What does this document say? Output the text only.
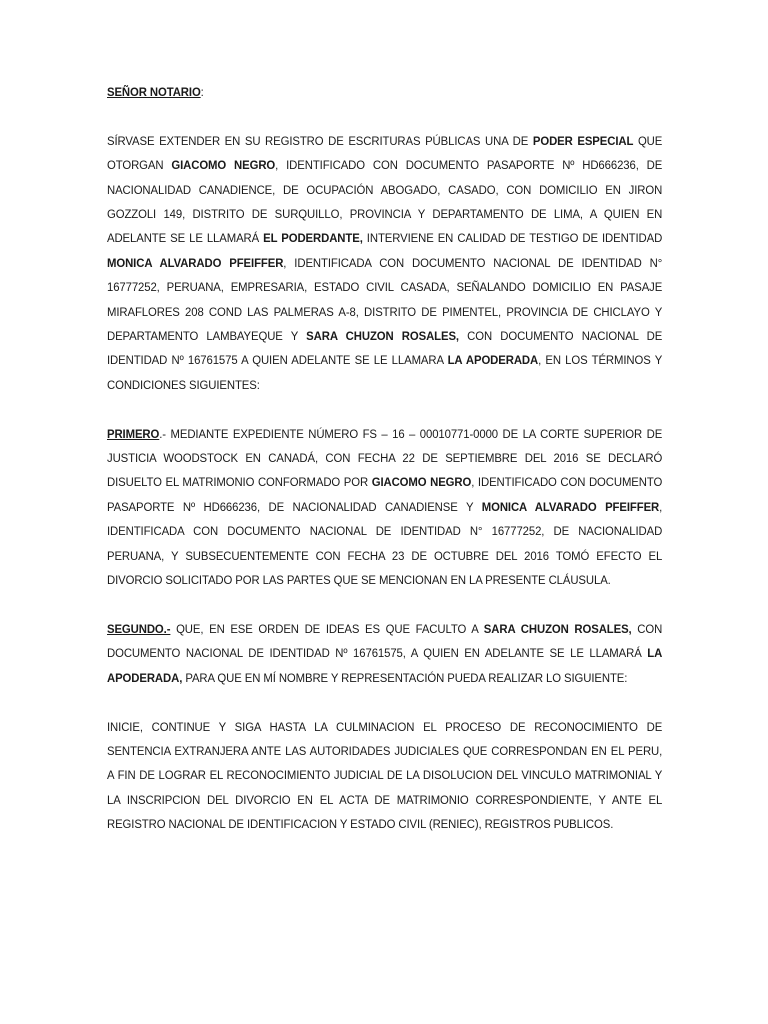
SEÑOR NOTARIO:

SÍRVASE EXTENDER EN SU REGISTRO DE ESCRITURAS PÚBLICAS UNA DE PODER ESPECIAL QUE OTORGAN GIACOMO NEGRO, IDENTIFICADO CON DOCUMENTO PASAPORTE Nº HD666236, DE NACIONALIDAD CANADIENCE, DE OCUPACIÓN ABOGADO, CASADO, CON DOMICILIO EN JIRON GOZZOLI 149, DISTRITO DE SURQUILLO, PROVINCIA Y DEPARTAMENTO DE LIMA, A QUIEN EN ADELANTE SE LE LLAMARÁ EL PODERDANTE, INTERVIENE EN CALIDAD DE TESTIGO DE IDENTIDAD MONICA ALVARADO PFEIFFER, IDENTIFICADA CON DOCUMENTO NACIONAL DE IDENTIDAD N° 16777252, PERUANA, EMPRESARIA, ESTADO CIVIL CASADA, SEÑALANDO DOMICILIO EN PASAJE MIRAFLORES 208 COND LAS PALMERAS A-8, DISTRITO DE PIMENTEL, PROVINCIA DE CHICLAYO Y DEPARTAMENTO LAMBAYEQUE Y SARA CHUZON ROSALES, CON DOCUMENTO NACIONAL DE IDENTIDAD Nº 16761575 A QUIEN ADELANTE SE LE LLAMARA LA APODERADA, EN LOS TÉRMINOS Y CONDICIONES SIGUIENTES:

PRIMERO.- MEDIANTE EXPEDIENTE NÚMERO FS – 16 – 00010771-0000 DE LA CORTE SUPERIOR DE JUSTICIA WOODSTOCK EN CANADÁ, CON FECHA 22 DE SEPTIEMBRE DEL 2016 SE DECLARÓ DISUELTO EL MATRIMONIO CONFORMADO POR GIACOMO NEGRO, IDENTIFICADO CON DOCUMENTO PASAPORTE Nº HD666236, DE NACIONALIDAD CANADIENSE Y MONICA ALVARADO PFEIFFER, IDENTIFICADA CON DOCUMENTO NACIONAL DE IDENTIDAD N° 16777252, DE NACIONALIDAD PERUANA, Y SUBSECUENTEMENTE CON FECHA 23 DE OCTUBRE DEL 2016 TOMÓ EFECTO EL DIVORCIO SOLICITADO POR LAS PARTES QUE SE MENCIONAN EN LA PRESENTE CLÁUSULA.

SEGUNDO.- QUE, EN ESE ORDEN DE IDEAS ES QUE FACULTO A SARA CHUZON ROSALES, CON DOCUMENTO NACIONAL DE IDENTIDAD Nº 16761575, A QUIEN EN ADELANTE SE LE LLAMARÁ LA APODERADA, PARA QUE EN MÍ NOMBRE Y REPRESENTACIÓN PUEDA REALIZAR LO SIGUIENTE:

INICIE, CONTINUE Y SIGA HASTA LA CULMINACION EL PROCESO DE RECONOCIMIENTO DE SENTENCIA EXTRANJERA ANTE LAS AUTORIDADES JUDICIALES QUE CORRESPONDAN EN EL PERU, A FIN DE LOGRAR EL RECONOCIMIENTO JUDICIAL DE LA DISOLUCION DEL VINCULO MATRIMONIAL Y LA INSCRIPCION DEL DIVORCIO EN EL ACTA DE MATRIMONIO CORRESPONDIENTE, Y ANTE EL REGISTRO NACIONAL DE IDENTIFICACION Y ESTADO CIVIL (RENIEC), REGISTROS PUBLICOS.
